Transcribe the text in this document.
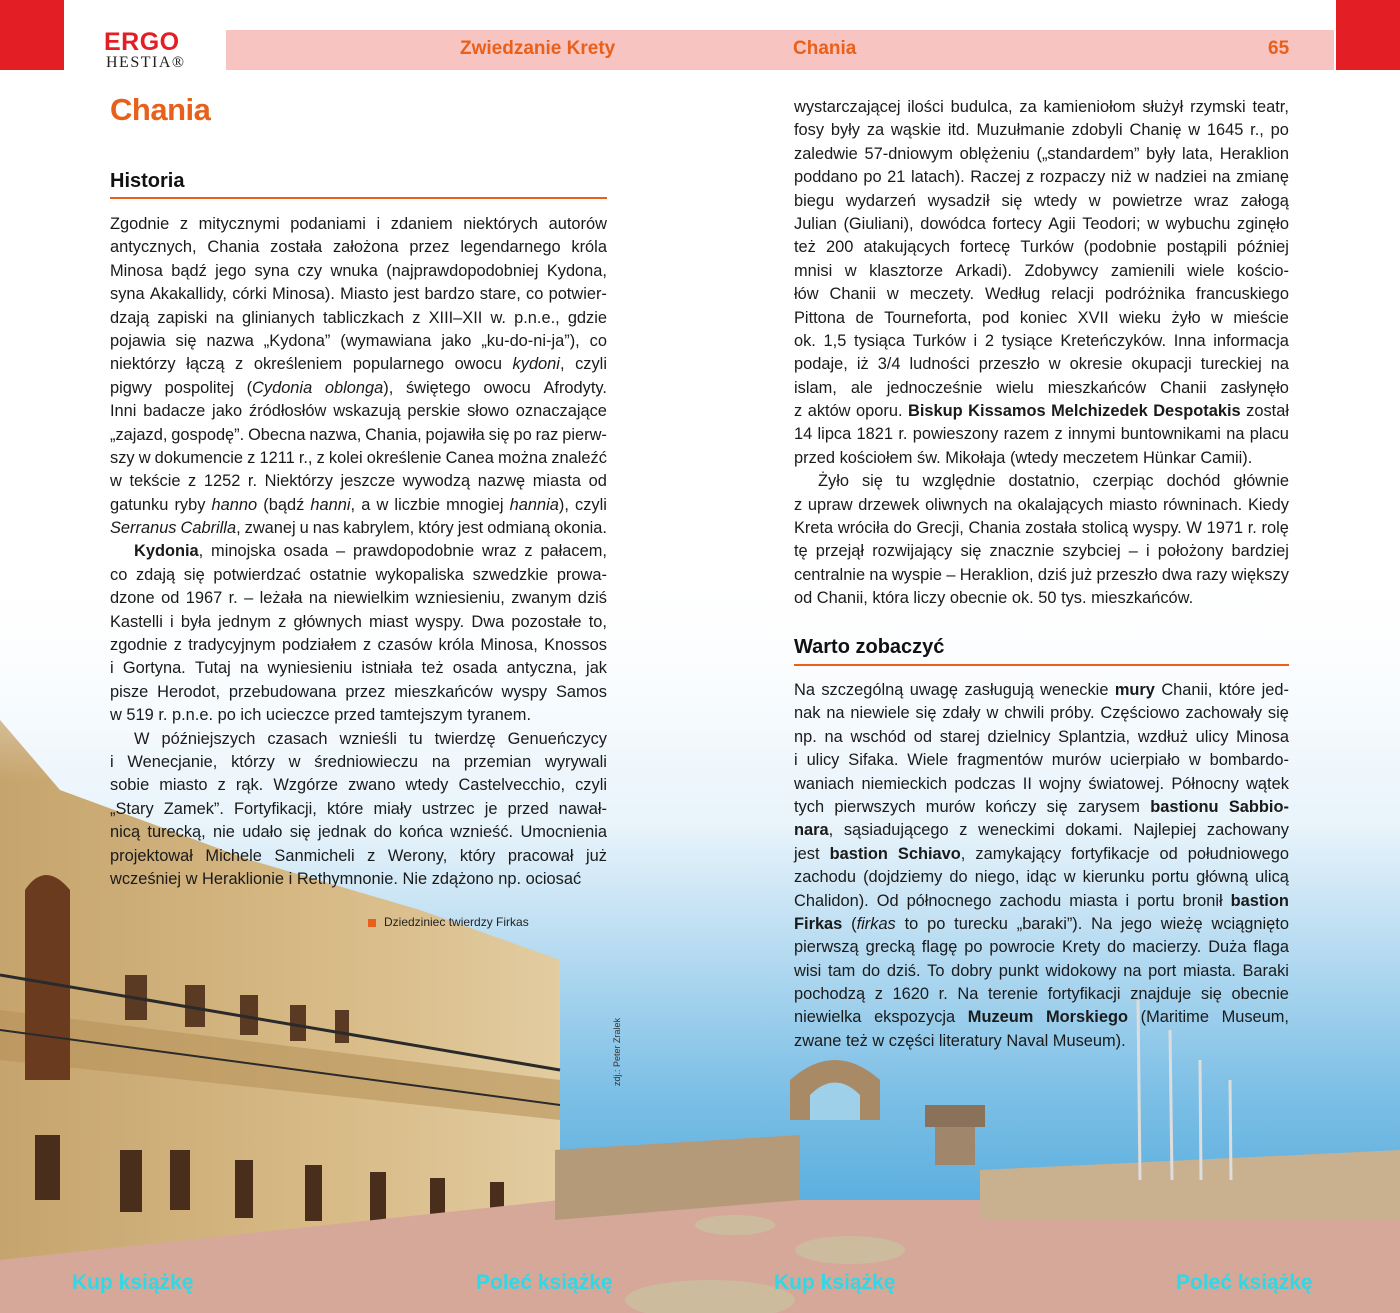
ERGO
HESTIA®
Zwiedzanie Krety	Chania	65
Chania
Historia
Zgodnie z mitycznymi podaniami i zdaniem niektórych autorów
antycznych, Chania została założona przez legendarnego króla
Minosa bądź jego syna czy wnuka (najprawdopodobniej Kydona,
syna Akakallidy, córki Minosa). Miasto jest bardzo stare, co potwier-
dzają zapiski na glinianych tabliczkach z XIII–XII w. p.n.e., gdzie
pojawia się nazwa „Kydona” (wymawiana jako „ku-do-ni-ja”), co
niektórzy łączą z określeniem popularnego owocu kydoni, czyli
pigwy pospolitej (Cydonia oblonga), świętego owocu Afrodyty.
Inni badacze jako źródłosłów wskazują perskie słowo oznaczające
„zajazd, gospodę”. Obecna nazwa, Chania, pojawiła się po raz pierw-
szy w dokumencie z 1211 r., z kolei określenie Canea można znaleźć
w tekście z 1252 r. Niektórzy jeszcze wywodzą nazwę miasta od
gatunku ryby hanno (bądź hanni, a w liczbie mnogiej hannia), czyli
Serranus Cabrilla, zwanej u nas kabrylem, który jest odmianą okonia.
Kydonia, minojska osada – prawdopodobnie wraz z pałacem,
co zdają się potwierdzać ostatnie wykopaliska szwedzkie prowa-
dzone od 1967 r. – leżała na niewielkim wzniesieniu, zwanym dziś
Kastelli i była jednym z głównych miast wyspy. Dwa pozostałe to,
zgodnie z tradycyjnym podziałem z czasów króla Minosa, Knossos
i Gortyna. Tutaj na wyniesieniu istniała też osada antyczna, jak
pisze Herodot, przebudowana przez mieszkańców wyspy Samos
w 519 r. p.n.e. po ich ucieczce przed tamtejszym tyranem.
W późniejszych czasach wznieśli tu twierdzę Genueńczycy
i Wenecjanie, którzy w średniowieczu na przemian wyrywali
sobie miasto z rąk. Wzgórze zwano wtedy Castelvecchio, czyli
„Stary Zamek”. Fortyfikacji, które miały ustrzec je przed nawał-
nicą turecką, nie udało się jednak do końca wznieść. Umocnienia
projektował Michele Sanmicheli z Werony, który pracował już
wcześniej w Heraklionie i Rethymnonie. Nie zdążono np. ociosać
wystarczającej ilości budulca, za kamieniołom służył rzymski teatr,
fosy były za wąskie itd. Muzułmanie zdobyli Chanię w 1645 r., po
zaledwie 57-dniowym oblężeniu („standardem” były lata, Heraklion
poddano po 21 latach). Raczej z rozpaczy niż w nadziei na zmianę
biegu wydarzeń wysadził się wtedy w powietrze wraz załogą
Julian (Giuliani), dowódca fortecy Agii Teodori; w wybuchu zginęło
też 200 atakujących fortecę Turków (podobnie postąpili później
mnisi w klasztorze Arkadi). Zdobywcy zamienili wiele kościo-
łów Chanii w meczety. Według relacji podróżnika francuskiego
Pittona de Tourneforta, pod koniec XVII wieku żyło w mieście
ok. 1,5 tysiąca Turków i 2 tysiące Kreteńczyków. Inna informacja
podaje, iż 3/4 ludności przeszło w okresie okupacji tureckiej na
islam, ale jednocześnie wielu mieszkańców Chanii zasłynęło
z aktów oporu. Biskup Kissamos Melchizedek Despotakis został
14 lipca 1821 r. powieszony razem z innymi buntownikami na placu
przed kościołem św. Mikołaja (wtedy meczetem Hünkar Camii).
Żyło się tu względnie dostatnio, czerpiąc dochód głównie
z upraw drzewek oliwnych na okalających miasto równinach. Kiedy
Kreta wróciła do Grecji, Chania została stolicą wyspy. W 1971 r. rolę
tę przejął rozwijający się znacznie szybciej – i położony bardziej
centralnie na wyspie – Heraklion, dziś już przeszło dwa razy większy
od Chanii, która liczy obecnie ok. 50 tys. mieszkańców.
Warto zobaczyć
Na szczególną uwagę zasługują weneckie mury Chanii, które jed-
nak na niewiele się zdały w chwili próby. Częściowo zachowały się
np. na wschód od starej dzielnicy Splantzia, wzdłuż ulicy Minosa
i ulicy Sifaka. Wiele fragmentów murów ucierpiało w bombardo-
waniach niemieckich podczas II wojny światowej. Północny wątek
tych pierwszych murów kończy się zarysem bastionu Sabbio-
nara, sąsiadującego z weneckimi dokami. Najlepiej zachowany
jest bastion Schiavo, zamykający fortyfikacje od południowego
zachodu (dojdziemy do niego, idąc w kierunku portu główną ulicą
Chalidon). Od północnego zachodu miasta i portu bronił bastion
Firkas (firkas to po turecku „baraki”). Na jego wieżę wciągnięto
pierwszą grecką flagę po powrocie Krety do macierzy. Duża flaga
wisi tam do dziś. To dobry punkt widokowy na port miasta. Baraki
pochodzą z 1620 r. Na terenie fortyfikacji znajduje się obecnie
niewielka ekspozycja Muzeum Morskiego (Maritime Museum,
zwane też w części literatury Naval Museum).
Dziedziniec twierdzy Firkas
zdj.: Peter Zralek
Kup książkę	Poleć książkę	Kup książkę	Poleć książkę
